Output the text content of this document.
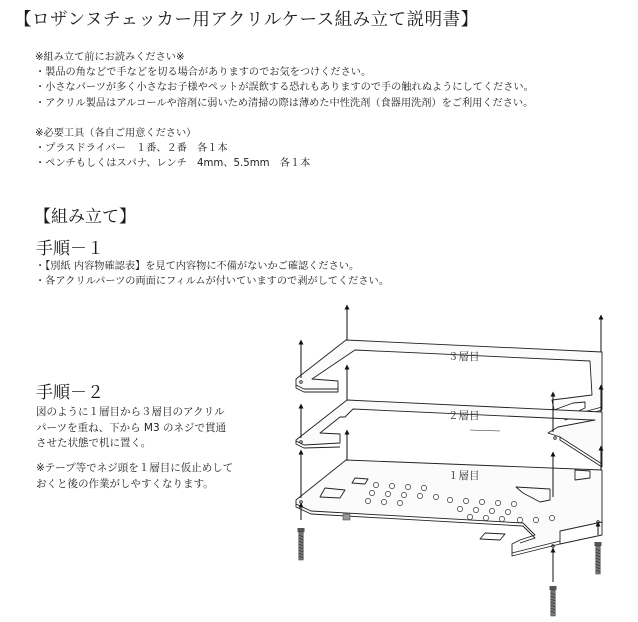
【ロザンヌチェッカー用アクリルケース組み立て説明書】
※組み立て前にお読みください※
・製品の角などで手などを切る場合がありますのでお気をつけください。
・小さなパーツが多く小さなお子様やペットが誤飲する恐れもありますので手の触れぬようにしてください。
・アクリル製品はアルコールや溶剤に弱いため清掃の際は薄めた中性洗剤（食器用洗剤）をご利用ください。
※必要工具（各自ご用意ください）
・プラスドライバー　１番、２番　各１本
・ペンチもしくはスパナ、レンチ　4mm、5.5mm　各１本
【組み立て】
手順－１
・【別紙 内容物確認表】を見て内容物に不備がないかご確認ください。
・各アクリルパーツの両面にフィルムが付いていますので剥がしてください。
手順－２
図のように１層目から３層目のアクリル
パーツを重ね、下から M3 のネジで貫通
させた状態で机に置く。
※テープ等でネジ頭を１層目に仮止めして
おくと後の作業がしやすくなります。
３層目
２層目
１層目
